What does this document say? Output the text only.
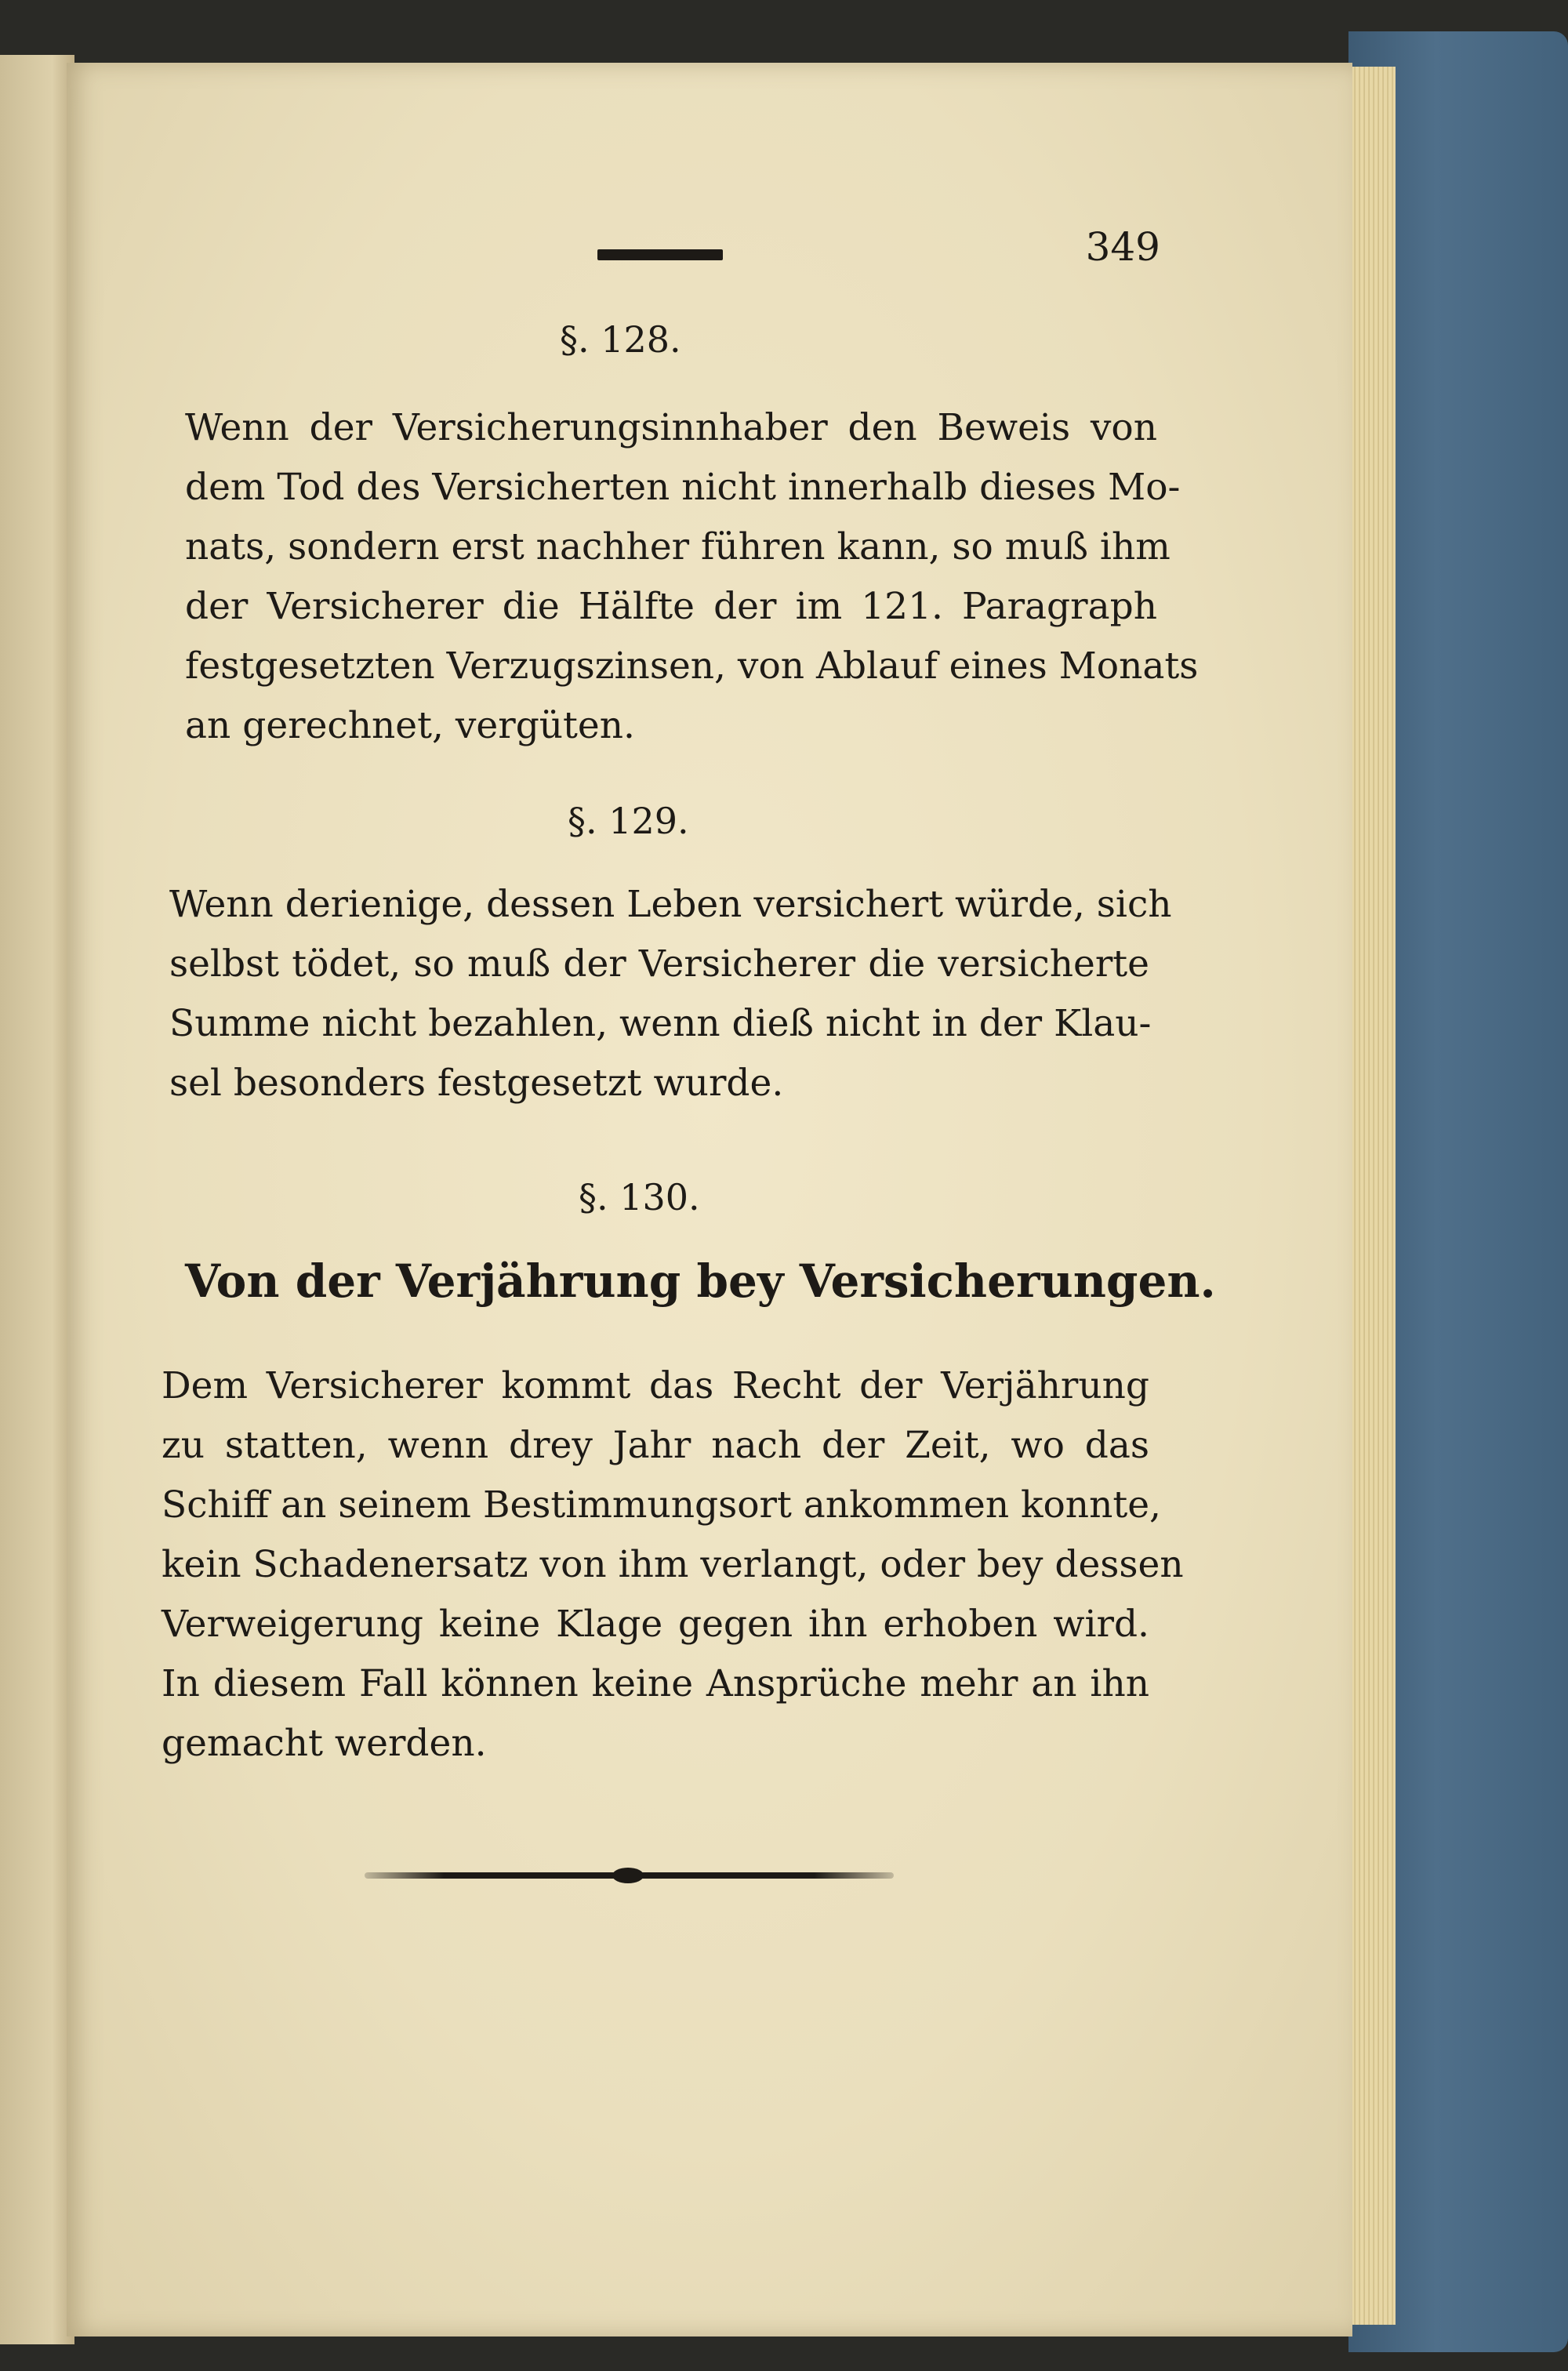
349
§. 128.
Wenn der Versicherungsinnhaber den Beweis von
dem Tod des Versicherten nicht innerhalb dieses Mo-
nats, sondern erst nachher führen kann, so muß ihm
der Versicherer die Hälfte der im 121. Paragraph
festgesetzten Verzugszinsen, von Ablauf eines Monats
an gerechnet, vergüten.
§. 129.
Wenn derienige, dessen Leben versichert würde, sich
selbst tödet, so muß der Versicherer die versicherte
Summe nicht bezahlen, wenn dieß nicht in der Klau-
sel besonders festgesetzt wurde.
§. 130.
Von der Verjährung bey Versicherungen.
Dem Versicherer kommt das Recht der Verjährung
zu statten, wenn drey Jahr nach der Zeit, wo das
Schiff an seinem Bestimmungsort ankommen konnte,
kein Schadenersatz von ihm verlangt, oder bey dessen
Verweigerung keine Klage gegen ihn erhoben wird.
In diesem Fall können keine Ansprüche mehr an ihn
gemacht werden.
